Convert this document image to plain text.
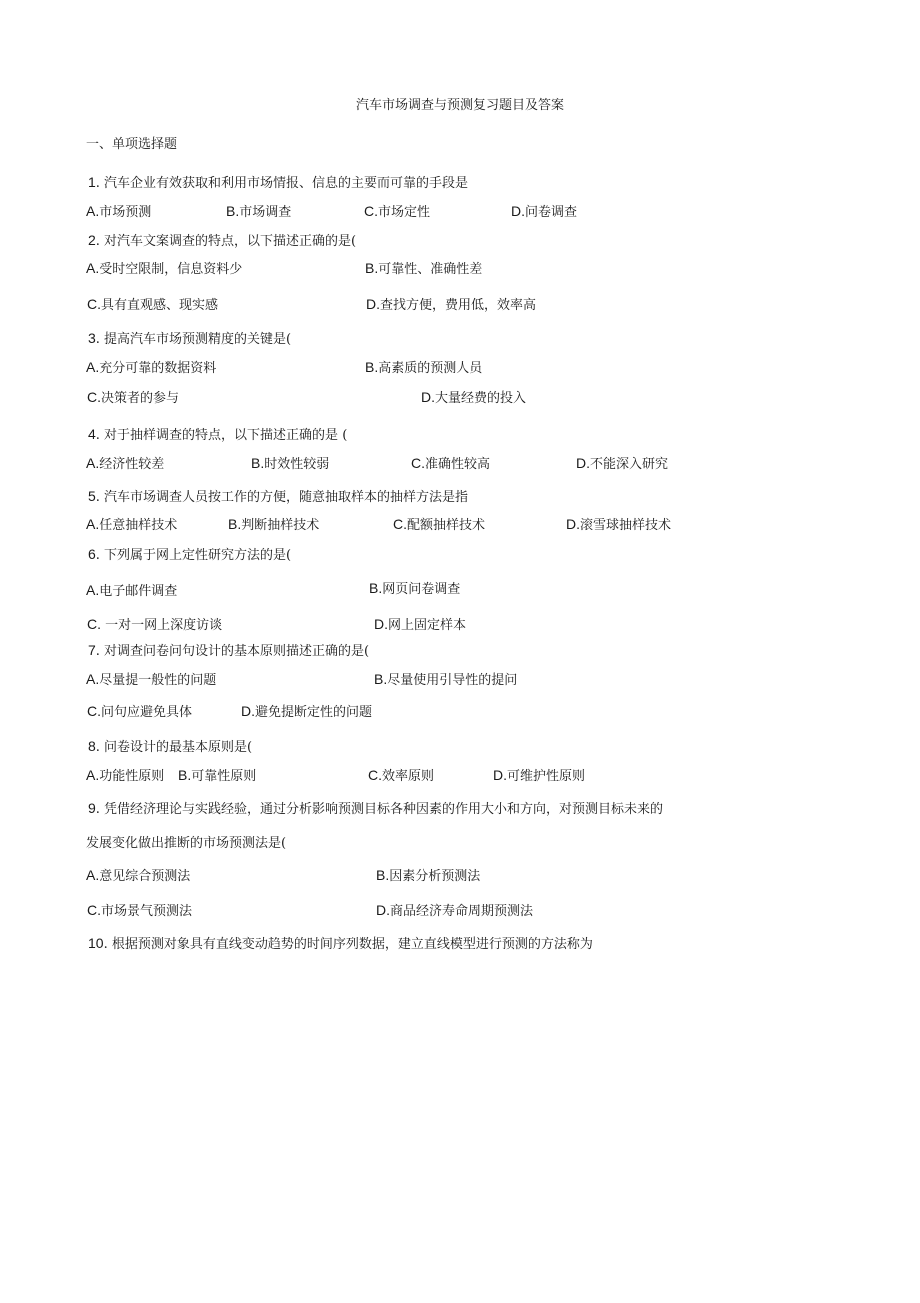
汽车市场调查与预测复习题目及答案
一、单项选择题
1. 汽车企业有效获取和利用市场情报、信息的主要而可靠的手段是
A.市场预测	B.市场调查	C.市场定性	D.问卷调查
2. 对汽车文案调查的特点，以下描述正确的是(
A.受时空限制，信息资料少	B.可靠性、准确性差
C.具有直观感、现实感	D.查找方便，费用低，效率高
3. 提高汽车市场预测精度的关键是(
A.充分可靠的数据资料	B.高素质的预测人员
C.决策者的参与	D.大量经费的投入
4. 对于抽样调查的特点，以下描述正确的是 (
A.经济性较差	B.时效性较弱	C.准确性较高	D.不能深入研究
5. 汽车市场调查人员按工作的方便，随意抽取样本的抽样方法是指
A.任意抽样技术	B.判断抽样技术	C.配额抽样技术	D.滚雪球抽样技术
6. 下列属于网上定性研究方法的是(
A.电子邮件调查	B.网页问卷调查
C. 一对一网上深度访谈	D.网上固定样本
7. 对调查问卷问句设计的基本原则描述正确的是(
A.尽量提一般性的问题	B.尽量使用引导性的提问
C.问句应避免具体	D.避免提断定性的问题
8. 问卷设计的最基本原则是(
A.功能性原则 B.可靠性原则	C.效率原则	D.可维护性原则
9. 凭借经济理论与实践经验，通过分析影响预测目标各种因素的作用大小和方向，对预测目标未来的
发展变化做出推断的市场预测法是(
A.意见综合预测法	B.因素分析预测法
C.市场景气预测法	D.商品经济寿命周期预测法
10. 根据预测对象具有直线变动趋势的时间序列数据，建立直线模型进行预测的方法称为
